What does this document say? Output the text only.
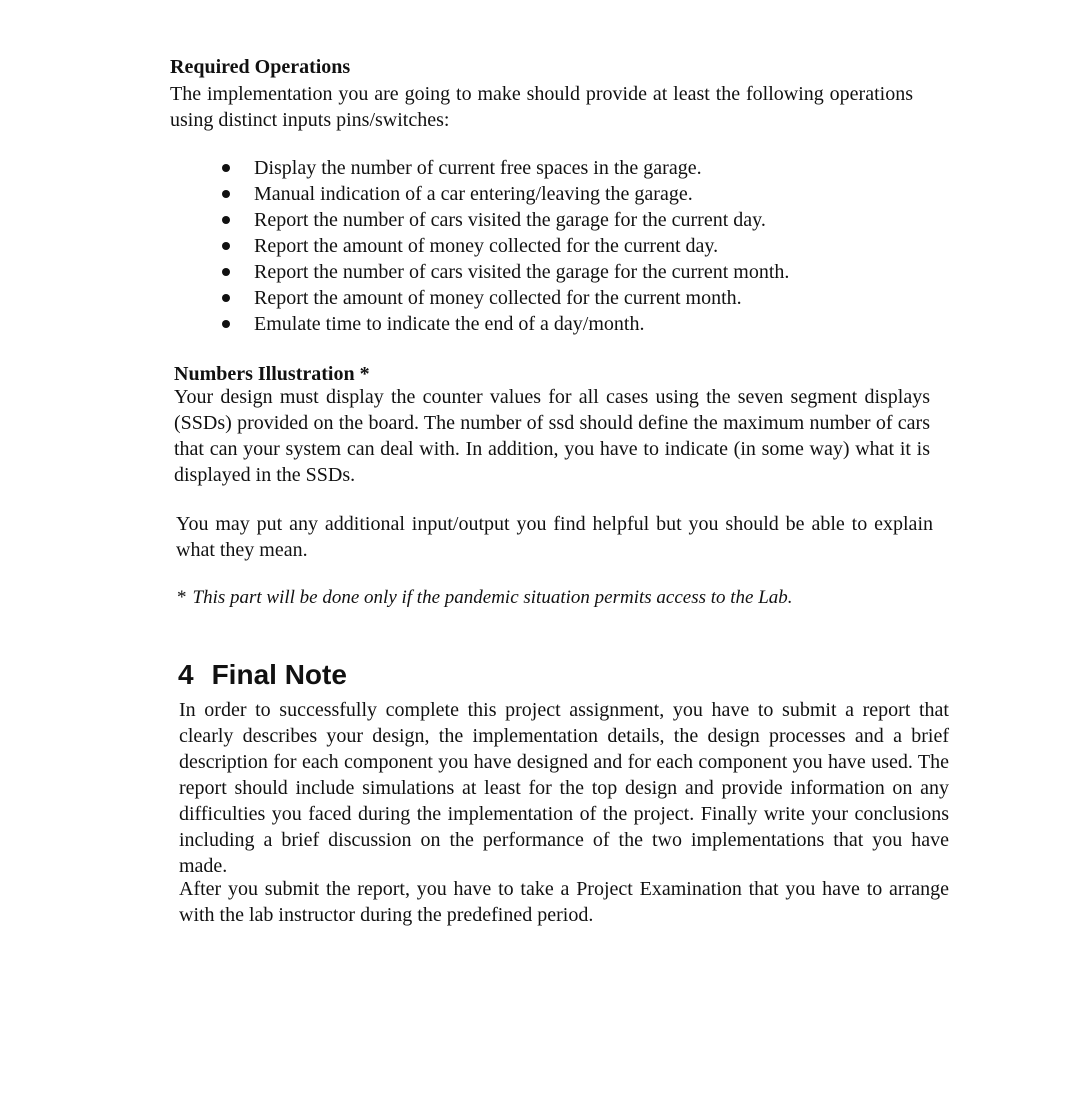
Required Operations

The implementation you are going to make should provide at least the following operations using distinct inputs pins/switches:

Display the number of current free spaces in the garage.
Manual indication of a car entering/leaving the garage.
Report the number of cars visited the garage for the current day.
Report the amount of money collected for the current day.
Report the number of cars visited the garage for the current month.
Report the amount of money collected for the current month.
Emulate time to indicate the end of a day/month.
Numbers Illustration *

Your design must display the counter values for all cases using the seven segment displays (SSDs) provided on the board. The number of ssd should define the maximum number of cars that can your system can deal with. In addition, you have to indicate (in some way) what it is displayed in the SSDs.

You may put any additional input/output you find helpful but you should be able to explain what they mean.

* This part will be done only if the pandemic situation permits access to the Lab.

4 Final Note

In order to successfully complete this project assignment, you have to submit a report that clearly describes your design, the implementation details, the design processes and a brief description for each component you have designed and for each component you have used. The report should include simulations at least for the top design and provide information on any difficulties you faced during the implementation of the project. Finally write your conclusions including a brief discussion on the performance of the two implementations that you have made.

After you submit the report, you have to take a Project Examination that you have to arrange with the lab instructor during the predefined period.
